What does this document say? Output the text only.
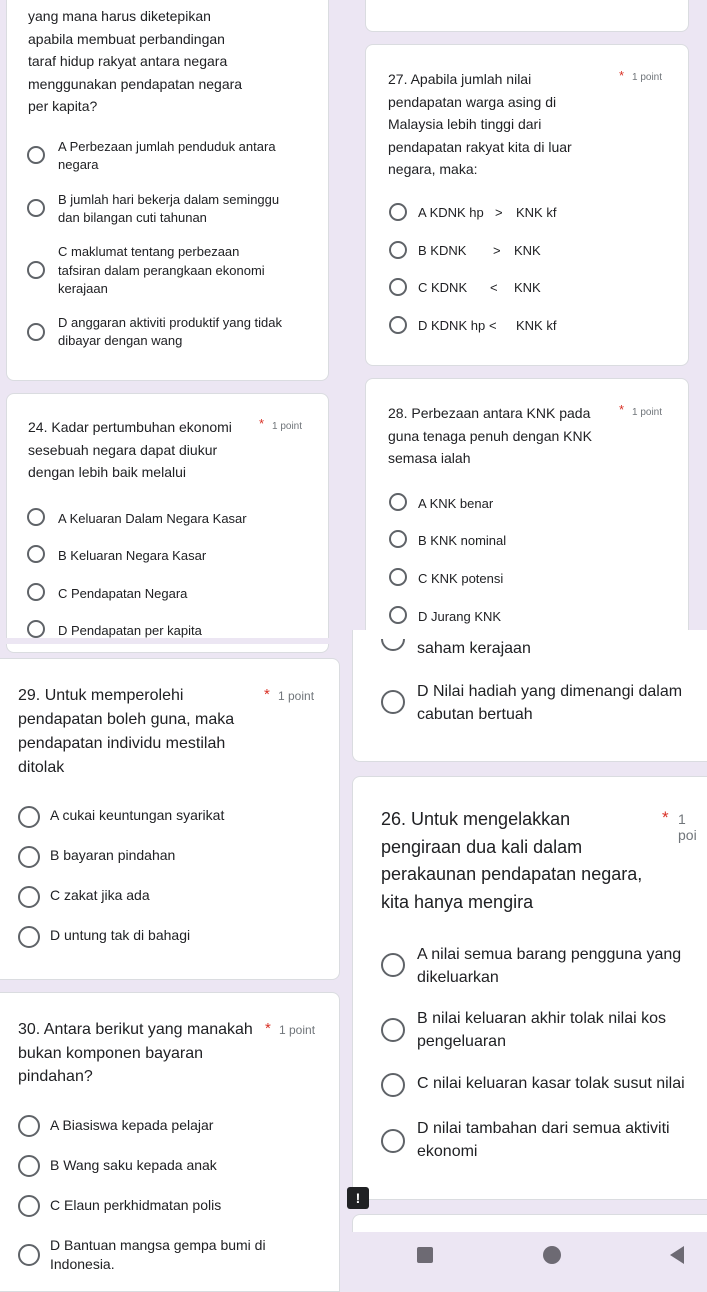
yang mana harus diketepikan
apabila membuat perbandingan
taraf hidup rakyat antara negara
menggunakan pendapatan negara
per kapita?
A Perbezaan jumlah penduduk antara
negara
B jumlah hari bekerja dalam seminggu
dan bilangan cuti tahunan
C maklumat tentang perbezaan
tafsiran dalam perangkaan ekonomi
kerajaan
D anggaran aktiviti produktif yang tidak
dibayar dengan wang
27. Apabila jumlah nilai
pendapatan warga asing di
Malaysia lebih tinggi dari
pendapatan rakyat kita di luar
negara, maka:
* 1 point
A KDNK hp > KNK kf
B KDNK > KNK
C KDNK < KNK
D KDNK hp < KNK kf
24. Kadar pertumbuhan ekonomi
sesebuah negara dapat diukur
dengan lebih baik melalui
* 1 point
A Keluaran Dalam Negara Kasar
B Keluaran Negara Kasar
C Pendapatan Negara
D Pendapatan per kapita
28. Perbezaan antara KNK pada
guna tenaga penuh dengan KNK
semasa ialah
* 1 point
A KNK benar
B KNK nominal
C KNK potensi
D Jurang KNK
saham kerajaan
D Nilai hadiah yang dimenangi dalam
cabutan bertuah
29. Untuk memperolehi
pendapatan boleh guna, maka
pendapatan individu mestilah
ditolak
* 1 point
A cukai keuntungan syarikat
B bayaran pindahan
C zakat jika ada
D untung tak di bahagi
26. Untuk mengelakkan
pengiraan dua kali dalam
perakaunan pendapatan negara,
kita hanya mengira
* 1 poi
A nilai semua barang pengguna yang
dikeluarkan
B nilai keluaran akhir tolak nilai kos
pengeluaran
C nilai keluaran kasar tolak susut nilai
D nilai tambahan dari semua aktiviti
ekonomi
30. Antara berikut yang manakah
bukan komponen bayaran
pindahan?
* 1 point
A Biasiswa kepada pelajar
B Wang saku kepada anak
C Elaun perkhidmatan polis
D Bantuan mangsa gempa bumi di
Indonesia.
!
